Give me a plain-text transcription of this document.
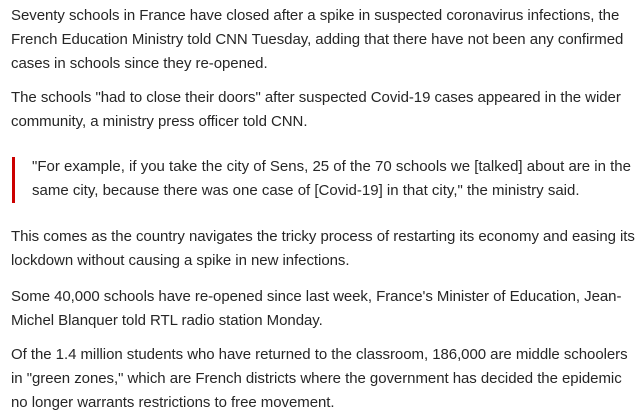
Seventy schools in France have closed after a spike in suspected coronavirus infections, the French Education Ministry told CNN Tuesday, adding that there have not been any confirmed cases in schools since they re-opened.

The schools "had to close their doors" after suspected Covid-19 cases appeared in the wider community, a ministry press officer told CNN.

"For example, if you take the city of Sens, 25 of the 70 schools we [talked] about are in the same city, because there was one case of [Covid-19] in that city," the ministry said.

This comes as the country navigates the tricky process of restarting its economy and easing its lockdown without causing a spike in new infections.

Some 40,000 schools have re-opened since last week, France's Minister of Education, Jean-Michel Blanquer told RTL radio station Monday.

Of the 1.4 million students who have returned to the classroom, 186,000 are middle schoolers in "green zones," which are French districts where the government has decided the epidemic no longer warrants restrictions to free movement.
